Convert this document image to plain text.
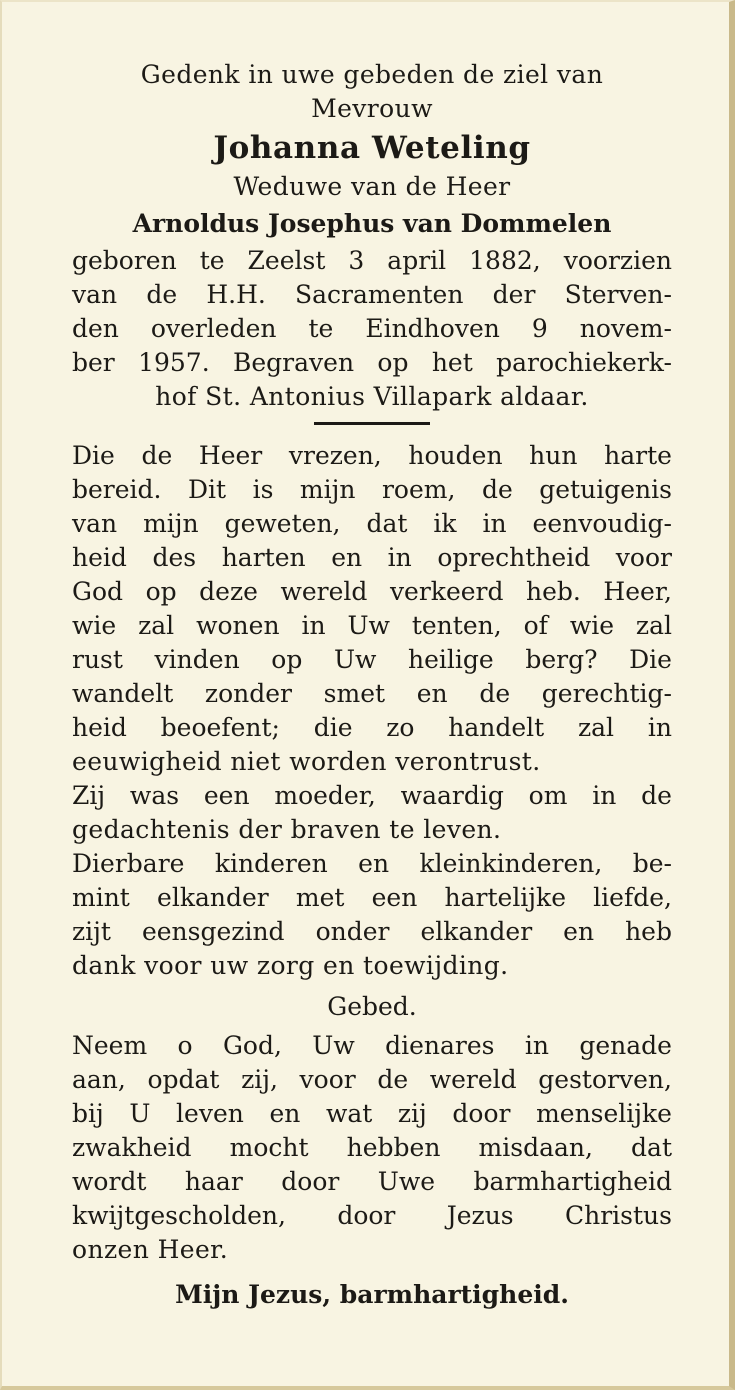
Gedenk in uwe gebeden de ziel van
Mevrouw
Johanna Weteling
Weduwe van de Heer
Arnoldus Josephus van Dommelen
geboren te Zeelst 3 april 1882, voorzien
van de H.H. Sacramenten der Sterven-
den overleden te Eindhoven 9 novem-
ber 1957. Begraven op het parochiekerk-
hof St. Antonius Villapark aldaar.
Die de Heer vrezen, houden hun harte
bereid. Dit is mijn roem, de getuigenis
van mijn geweten, dat ik in eenvoudig-
heid des harten en in oprechtheid voor
God op deze wereld verkeerd heb. Heer,
wie zal wonen in Uw tenten, of wie zal
rust vinden op Uw heilige berg? Die
wandelt zonder smet en de gerechtig-
heid beoefent; die zo handelt zal in
eeuwigheid niet worden verontrust.
Zij was een moeder, waardig om in de
gedachtenis der braven te leven.
Dierbare kinderen en kleinkinderen, be-
mint elkander met een hartelijke liefde,
zijt eensgezind onder elkander en heb
dank voor uw zorg en toewijding.
Gebed.
Neem o God, Uw dienares in genade
aan, opdat zij, voor de wereld gestorven,
bij U leven en wat zij door menselijke
zwakheid mocht hebben misdaan, dat
wordt haar door Uwe barmhartigheid
kwijtgescholden, door Jezus Christus
onzen Heer.
Mijn Jezus, barmhartigheid.
